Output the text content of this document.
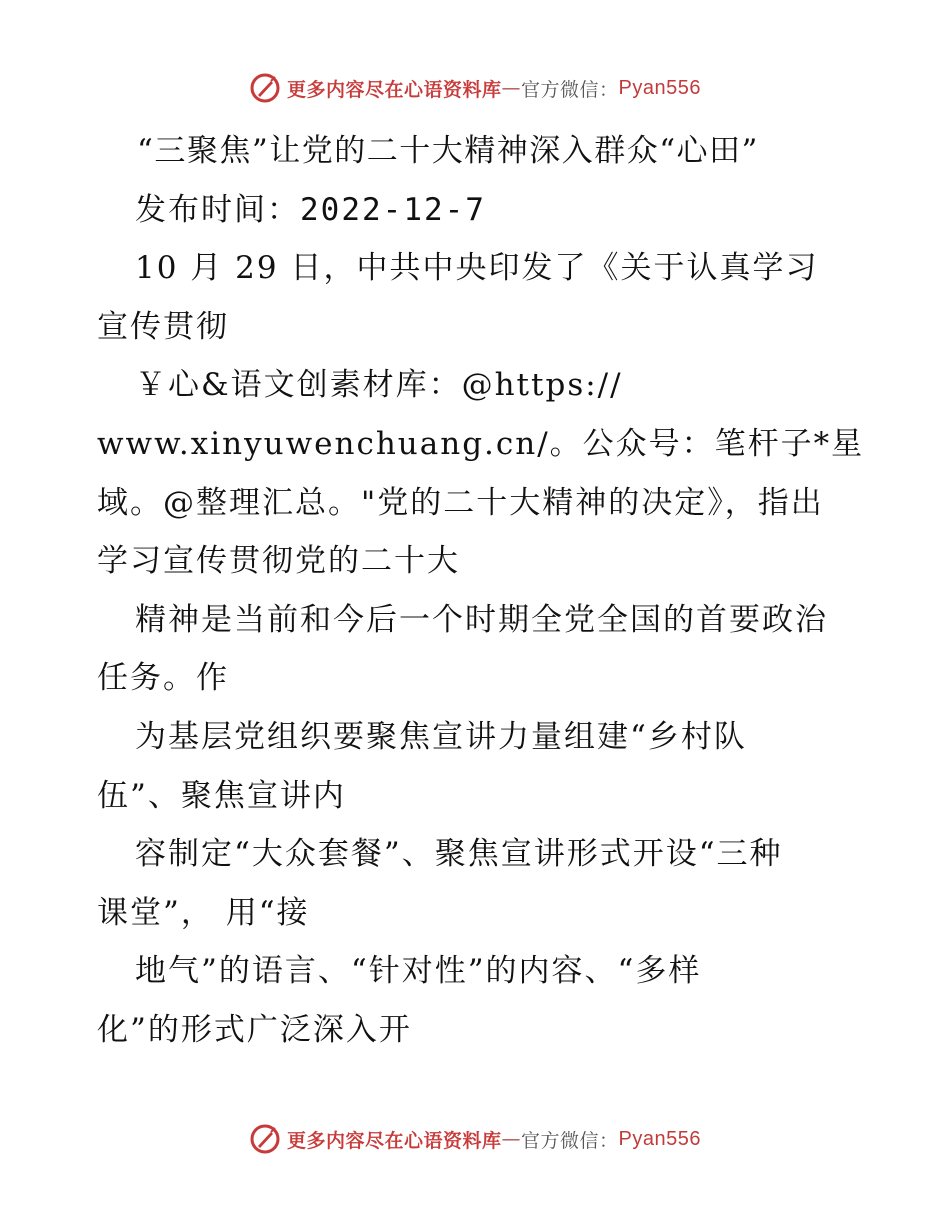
更多内容尽在心语资料库 — 官方微信： Pyan556
“三聚焦”让党的二十大精神深入群众“心田”
发布时间：2022-12-7
10 月 29 日，中共中央印发了《关于认真学习
宣传贯彻
￥心&语文创素材库：@https://
www.xinyuwenchuang.cn/。公众号：笔杆子*星
域。@整理汇总。"党的二十大精神的决定》，指出
学习宣传贯彻党的二十大
精神是当前和今后一个时期全党全国的首要政治
任务。作
为基层党组织要聚焦宣讲力量组建“乡村队
伍”、聚焦宣讲内
容制定“大众套餐”、聚焦宣讲形式开设“三种
课堂”， 用“接
地气”的语言、“针对性”的内容、“多样
化”的形式广泛深入开
更多内容尽在心语资料库 — 官方微信： Pyan556
